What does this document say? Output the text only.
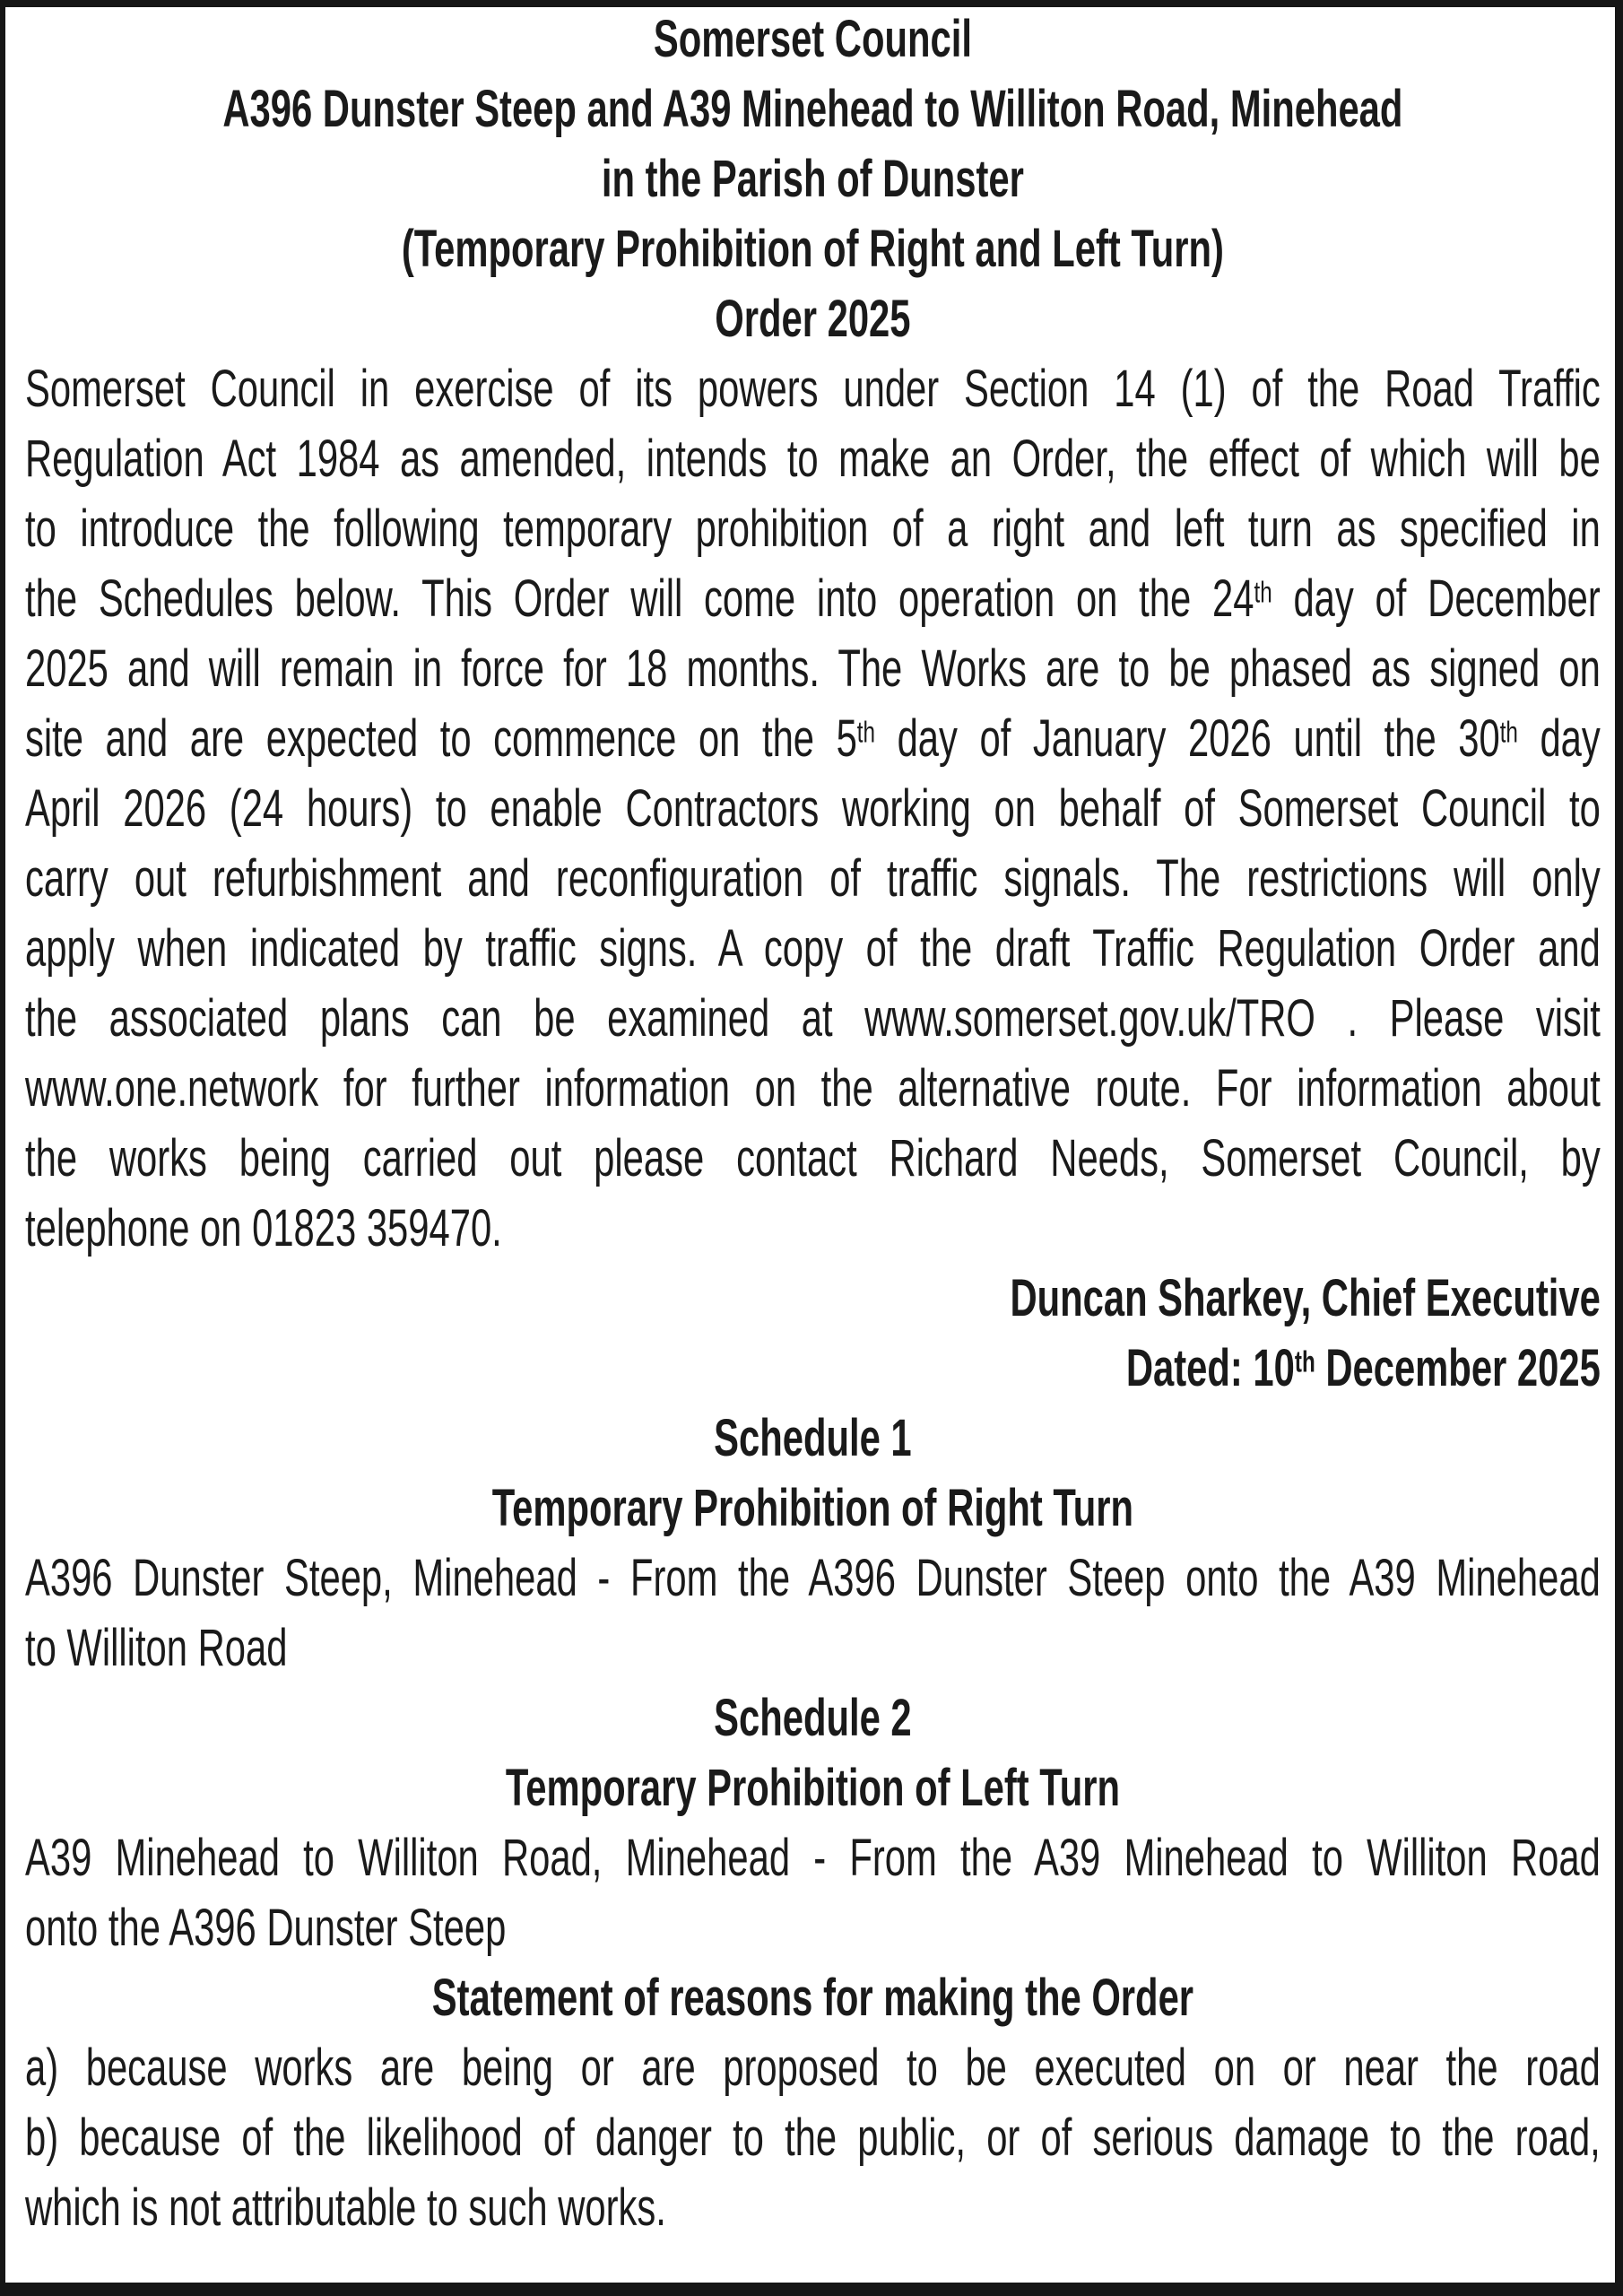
Somerset Council
A396 Dunster Steep and A39 Minehead to Williton Road, Minehead
in the Parish of Dunster
(Temporary Prohibition of Right and Left Turn)
Order 2025
Somerset Council in exercise of its powers under Section 14 (1) of the Road Traffic
Regulation Act 1984 as amended, intends to make an Order, the effect of which will be
to introduce the following temporary prohibition of a right and left turn as specified in
the Schedules below. This Order will come into operation on the 24th day of December
2025 and will remain in force for 18 months. The Works are to be phased as signed on
site and are expected to commence on the 5th day of January 2026 until the 30th day
April 2026 (24 hours) to enable Contractors working on behalf of Somerset Council to
carry out refurbishment and reconfiguration of traffic signals. The restrictions will only
apply when indicated by traffic signs. A copy of the draft Traffic Regulation Order and
the associated plans can be examined at www.somerset.gov.uk/TRO . Please visit
www.one.network for further information on the alternative route. For information about
the works being carried out please contact Richard Needs, Somerset Council, by
telephone on 01823 359470.
Duncan Sharkey, Chief Executive
Dated: 10th December 2025
Schedule 1
Temporary Prohibition of Right Turn
A396 Dunster Steep, Minehead - From the A396 Dunster Steep onto the A39 Minehead
to Williton Road
Schedule 2
Temporary Prohibition of Left Turn
A39 Minehead to Williton Road, Minehead - From the A39 Minehead to Williton Road
onto the A396 Dunster Steep
Statement of reasons for making the Order
a) because works are being or are proposed to be executed on or near the road
b) because of the likelihood of danger to the public, or of serious damage to the road,
which is not attributable to such works.
